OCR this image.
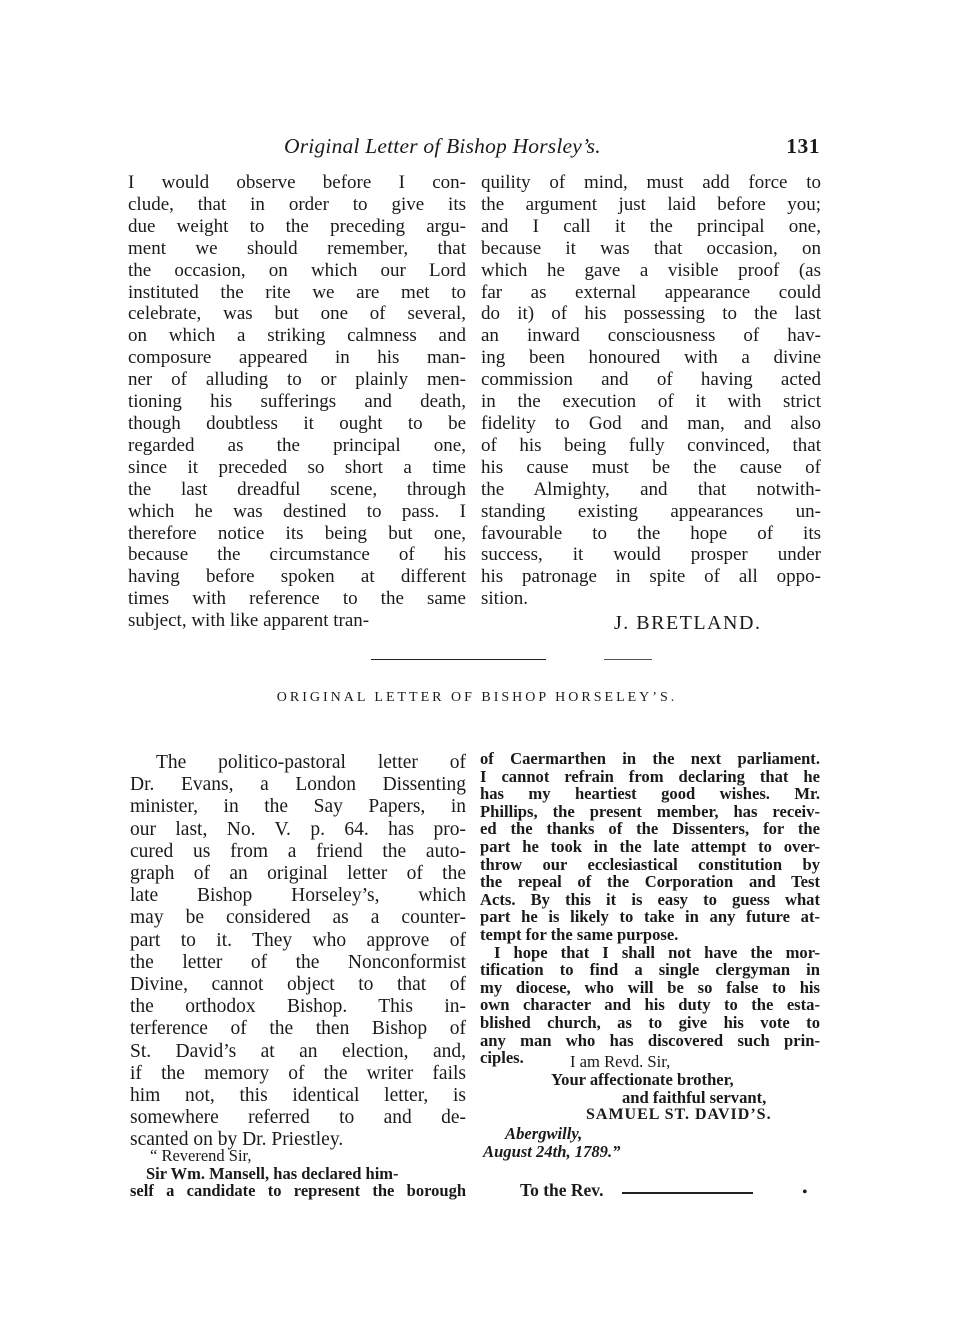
Original Letter of Bishop Horsley’s.	131
I would observe before I con-
clude, that in order to give its
due weight to the preceding argu-
ment we should remember, that
the occasion, on which our Lord
instituted the rite we are met to
celebrate, was but one of several,
on which a striking calmness and
composure appeared in his man-
ner of alluding to or plainly men-
tioning his sufferings and death,
though doubtless it ought to be
regarded as the principal one,
since it preceded so short a time
the last dreadful scene, through
which he was destined to pass. I
therefore notice its being but one,
because the circumstance of his
having before spoken at different
times with reference to the same
subject, with like apparent tran-
quility of mind, must add force to
the argument just laid before you;
and I call it the principal one,
because it was that occasion, on
which he gave a visible proof (as
far as external appearance could
do it) of his possessing to the last
an inward consciousness of hav-
ing been honoured with a divine
commission and of having acted
in the execution of it with strict
fidelity to God and man, and also
of his being fully convinced, that
his cause must be the cause of
the Almighty, and that notwith-
standing existing appearances un-
favourable to the hope of its
success, it would prosper under
his patronage in spite of all oppo-
sition.
J. BRETLAND.
ORIGINAL LETTER OF BISHOP HORSELEY’S.
The politico-pastoral letter of
Dr. Evans, a London Dissenting
minister, in the Say Papers, in
our last, No. V. p. 64. has pro-
cured us from a friend the auto-
graph of an original letter of the
late Bishop Horseley’s, which
may be considered as a counter-
part to it. They who approve of
the letter of the Nonconformist
Divine, cannot object to that of
the orthodox Bishop. This in-
terference of the then Bishop of
St. David’s at an election, and,
if the memory of the writer fails
him not, this identical letter, is
somewhere referred to and de-
scanted on by Dr. Priestley.
“ Reverend Sir,
Sir Wm. Mansell, has declared him-
self a candidate to represent the borough
of Caermarthen in the next parliament.
I cannot refrain from declaring that he
has my heartiest good wishes. Mr.
Phillips, the present member, has receiv-
ed the thanks of the Dissenters, for the
part he took in the late attempt to over-
throw our ecclesiastical constitution by
the repeal of the Corporation and Test
Acts. By this it is easy to guess what
part he is likely to take in any future at-
tempt for the same purpose.
I hope that I shall not have the mor-
tification to find a single clergyman in
my diocese, who will be so false to his
own character and his duty to the esta-
blished church, as to give his vote to
any man who has discovered such prin-
ciples.	I am Revd. Sir,
Your affectionate brother,
and faithful servant,
SAMUEL ST. DAVID’S.
Abergwilly,
August 24th, 1789.”
To the Rev.	•
